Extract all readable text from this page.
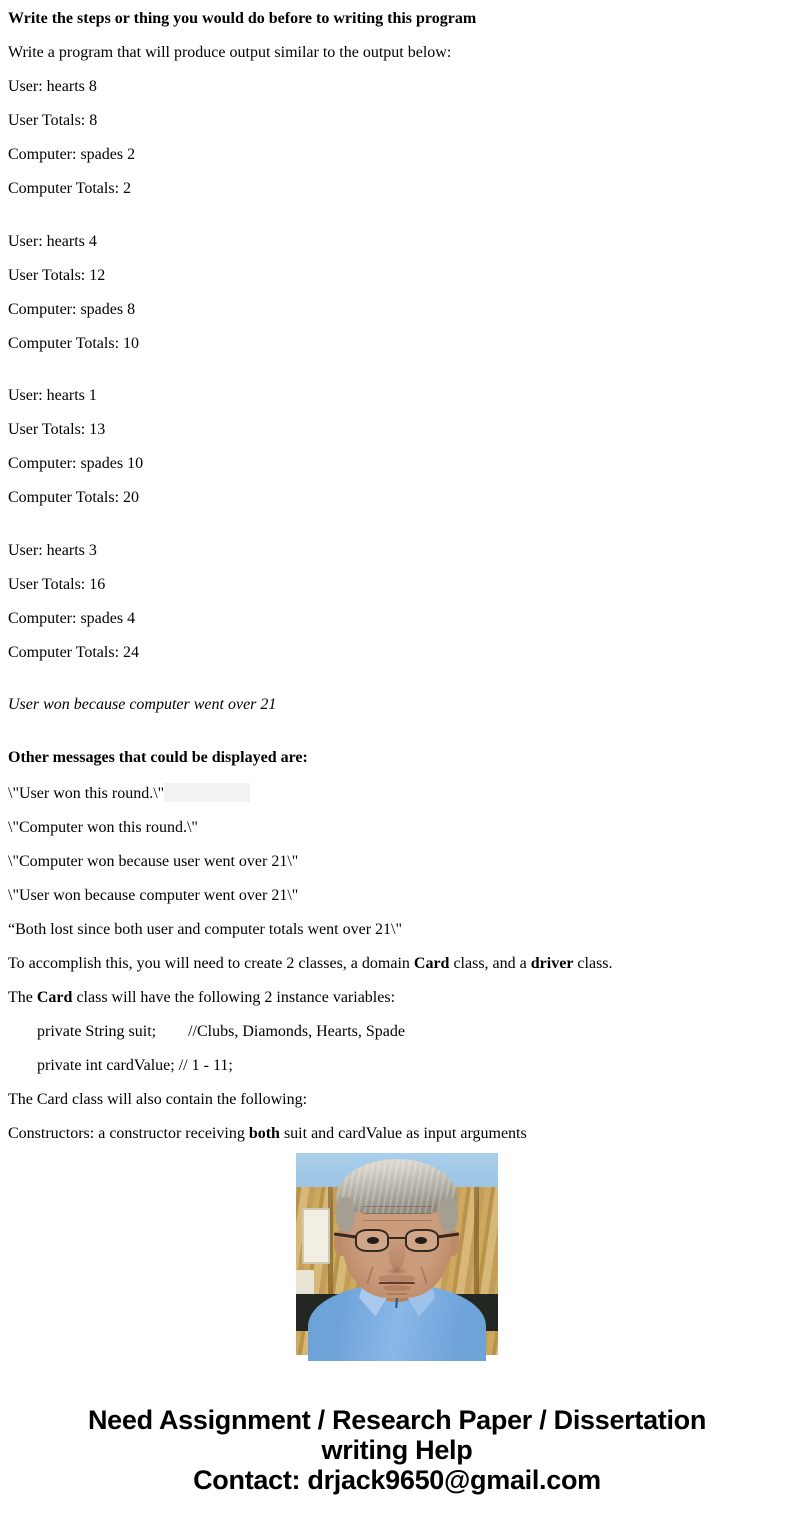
Write the steps or thing you would do before to writing this program

Write a program that will produce output similar to the output below:

User: hearts 8

User Totals: 8

Computer: spades 2

Computer Totals: 2

User: hearts 4

User Totals: 12

Computer: spades 8

Computer Totals: 10

User: hearts 1

User Totals: 13

Computer: spades 10

Computer Totals: 20

User: hearts 3

User Totals: 16

Computer: spades 4

Computer Totals: 24

User won because computer went over 21

Other messages that could be displayed are:

\"User won this round.\"

\"Computer won this round.\"

\"Computer won because user went over 21\"

\"User won because computer went over 21\"

“Both lost since both user and computer totals went over 21\"

To accomplish this, you will need to create 2 classes, a domain Card class, and a driver class.

The Card class will have the following 2 instance variables:

private String suit;        //Clubs, Diamonds, Hearts, Spade

private int cardValue; // 1 - 11;

The Card class will also contain the following:

Constructors: a constructor receiving both suit and cardValue as input arguments

Need Assignment / Research Paper / Dissertation
writing Help
Contact: drjack9650@gmail.com
